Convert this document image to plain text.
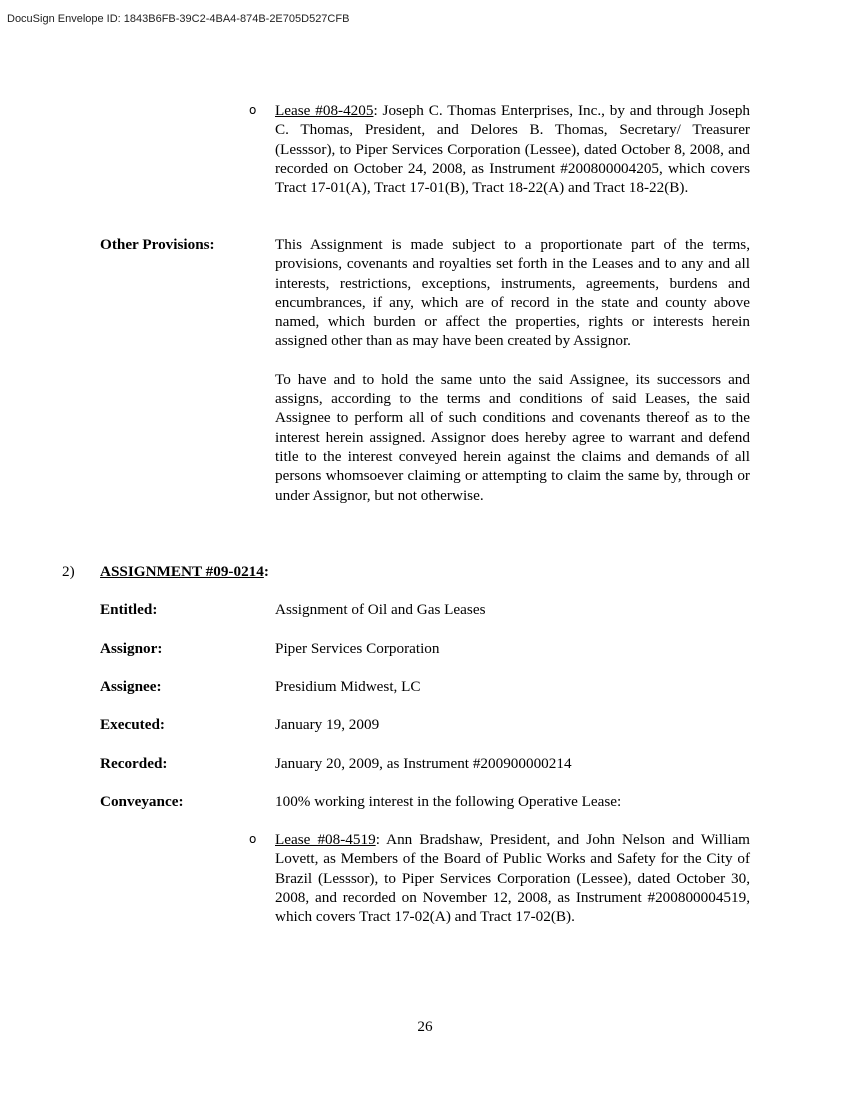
DocuSign Envelope ID: 1843B6FB-39C2-4BA4-874B-2E705D527CFB
o Lease #08-4205: Joseph C. Thomas Enterprises, Inc., by and through Joseph C. Thomas, President, and Delores B. Thomas, Secretary/ Treasurer (Lesssor), to Piper Services Corporation (Lessee), dated October 8, 2008, and recorded on October 24, 2008, as Instrument #200800004205, which covers Tract 17-01(A), Tract 17-01(B), Tract 18-22(A) and Tract 18-22(B).

Other Provisions:	This Assignment is made subject to a proportionate part of the terms, provisions, covenants and royalties set forth in the Leases and to any and all interests, restrictions, exceptions, instruments, agreements, burdens and encumbrances, if any, which are of record in the state and county above named, which burden or affect the properties, rights or interests herein assigned other than as may have been created by Assignor.

To have and to hold the same unto the said Assignee, its successors and assigns, according to the terms and conditions of said Leases, the said Assignee to perform all of such conditions and covenants thereof as to the interest herein assigned. Assignor does hereby agree to warrant and defend title to the interest conveyed herein against the claims and demands of all persons whomsoever claiming or attempting to claim the same by, through or under Assignor, but not otherwise.

2) ASSIGNMENT #09-0214:
Entitled:	Assignment of Oil and Gas Leases
Assignor:	Piper Services Corporation
Assignee:	Presidium Midwest, LC
Executed:	January 19, 2009
Recorded:	January 20, 2009, as Instrument #200900000214
Conveyance:	100% working interest in the following Operative Lease:
o Lease #08-4519: Ann Bradshaw, President, and John Nelson and William Lovett, as Members of the Board of Public Works and Safety for the City of Brazil (Lesssor), to Piper Services Corporation (Lessee), dated October 30, 2008, and recorded on November 12, 2008, as Instrument #200800004519, which covers Tract 17-02(A) and Tract 17-02(B).

26
